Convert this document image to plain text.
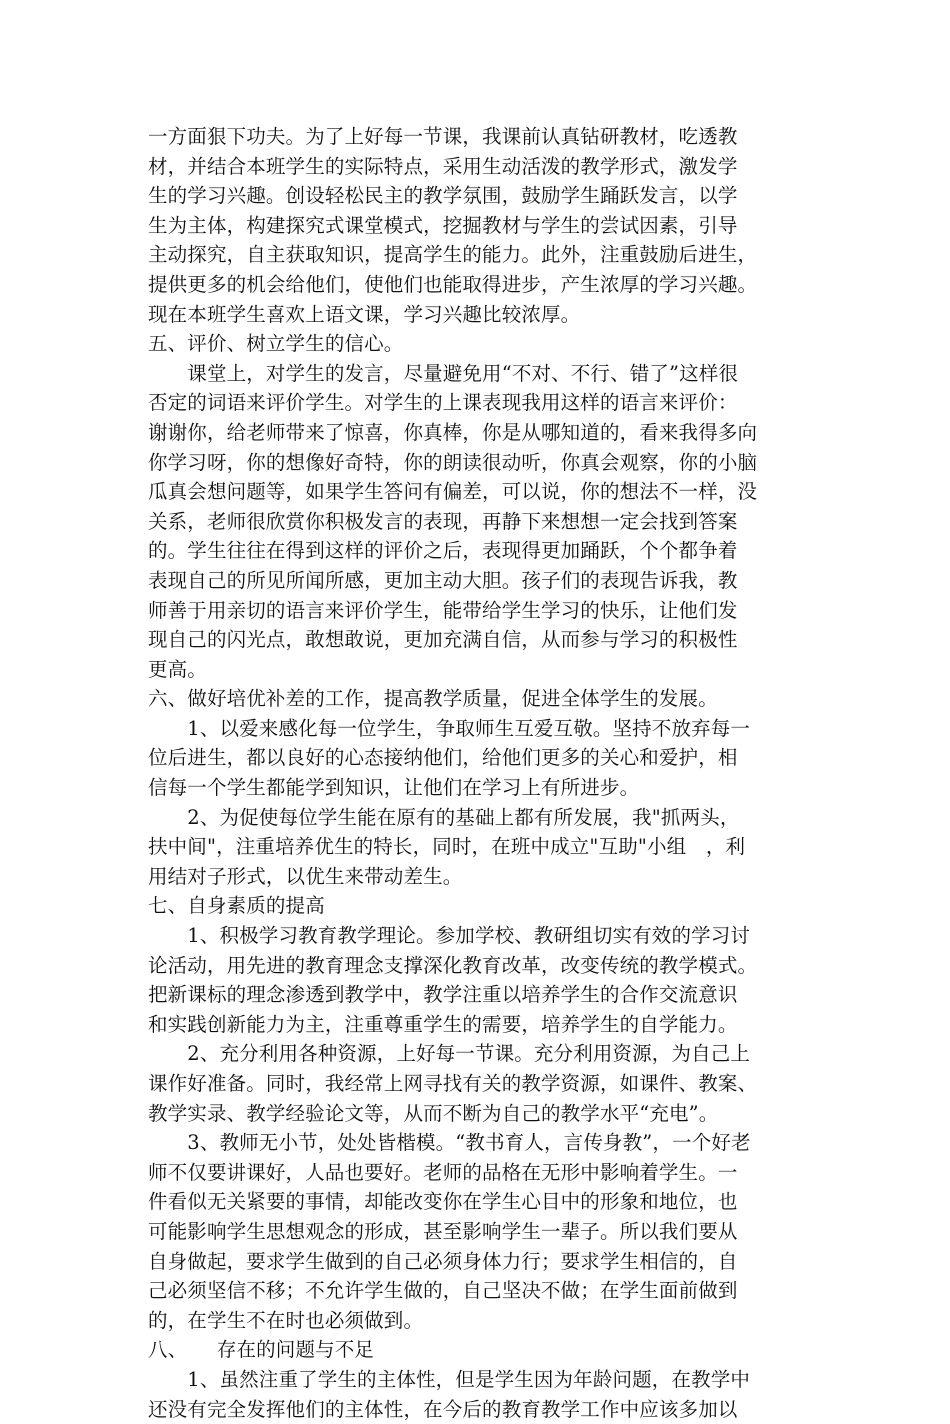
一方面狠下功夫。为了上好每一节课，我课前认真钻研教材，吃透教
材，并结合本班学生的实际特点，采用生动活泼的教学形式，激发学
生的学习兴趣。创设轻松民主的教学氛围，鼓励学生踊跃发言，以学
生为主体，构建探究式课堂模式，挖掘教材与学生的尝试因素，引导
主动探究，自主获取知识，提高学生的能力。此外，注重鼓励后进生，
提供更多的机会给他们，使他们也能取得进步，产生浓厚的学习兴趣。
现在本班学生喜欢上语文课，学习兴趣比较浓厚。
五、评价、树立学生的信心。
　　课堂上，对学生的发言，尽量避免用“不对、不行、错了”这样很
否定的词语来评价学生。对学生的上课表现我用这样的语言来评价：
谢谢你，给老师带来了惊喜，你真棒，你是从哪知道的，看来我得多向
你学习呀，你的想像好奇特，你的朗读很动听，你真会观察，你的小脑
瓜真会想问题等，如果学生答问有偏差，可以说，你的想法不一样，没
关系，老师很欣赏你积极发言的表现，再静下来想想一定会找到答案
的。学生往往在得到这样的评价之后，表现得更加踊跃，个个都争着
表现自己的所见所闻所感，更加主动大胆。孩子们的表现告诉我，教
师善于用亲切的语言来评价学生，能带给学生学习的快乐，让他们发
现自己的闪光点，敢想敢说，更加充满自信，从而参与学习的积极性
更高。
六、做好培优补差的工作，提高教学质量，促进全体学生的发展。
　　1、以爱来感化每一位学生，争取师生互爱互敬。坚持不放弃每一
位后进生，都以良好的心态接纳他们，给他们更多的关心和爱护，相
信每一个学生都能学到知识，让他们在学习上有所进步。
　　2、为促使每位学生能在原有的基础上都有所发展，我"抓两头，
扶中间"，注重培养优生的特长，同时，在班中成立"互助"小组　，利
用结对子形式，以优生来带动差生。
七、自身素质的提高
　　1、积极学习教育教学理论。参加学校、教研组切实有效的学习讨
论活动，用先进的教育理念支撑深化教育改革，改变传统的教学模式。
把新课标的理念渗透到教学中，教学注重以培养学生的合作交流意识
和实践创新能力为主，注重尊重学生的需要，培养学生的自学能力。
　　2、充分利用各种资源，上好每一节课。充分利用资源，为自己上
课作好准备。同时，我经常上网寻找有关的教学资源，如课件、教案、
教学实录、教学经验论文等，从而不断为自己的教学水平“充电”。
　　3、教师无小节，处处皆楷模。“教书育人，言传身教”，一个好老
师不仅要讲课好，人品也要好。老师的品格在无形中影响着学生。一
件看似无关紧要的事情，却能改变你在学生心目中的形象和地位，也
可能影响学生思想观念的形成，甚至影响学生一辈子。所以我们要从
自身做起，要求学生做到的自己必须身体力行；要求学生相信的，自
己必须坚信不移；不允许学生做的，自己坚决不做；在学生面前做到
的，在学生不在时也必须做到。
八、　　存在的问题与不足
　　1、虽然注重了学生的主体性，但是学生因为年龄问题，在教学中
还没有完全发挥他们的主体性，在今后的教育教学工作中应该多加以
